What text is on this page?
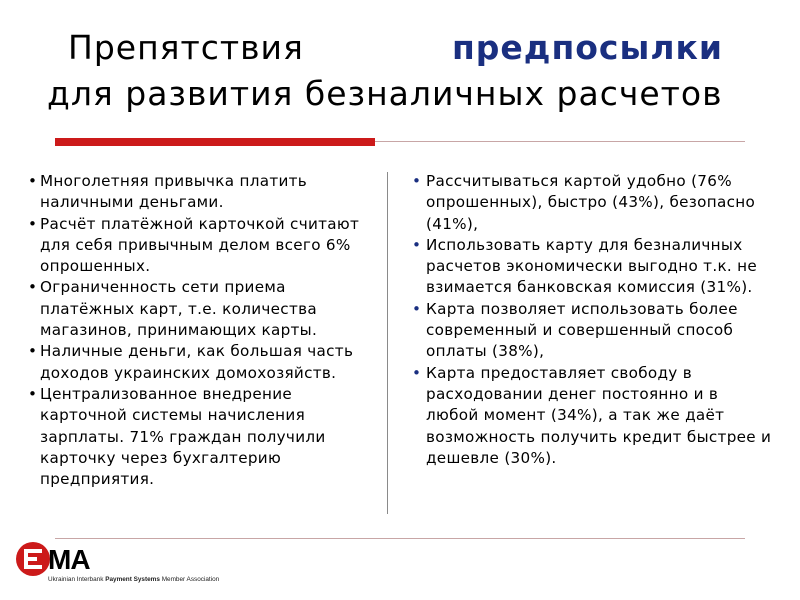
Препятствия	предпосылки
для развития безналичных расчетов

• Многолетняя привычка платить наличными деньгами.

• Расчёт платёжной карточкой считают для себя привычным делом всего 6% опрошенных.

• Ограниченность сети приема платёжных карт, т.е. количества магазинов, принимающих карты.

• Наличные деньги, как большая часть доходов украинских домохозяйств.

• Централизованное внедрение карточной системы начисления зарплаты. 71% граждан получили карточку через бухгалтерию предприятия.

• Рассчитываться картой удобно (76% опрошенных), быстро (43%), безопасно (41%),

• Использовать карту для безналичных расчетов экономически выгодно т.к. не взимается банковская комиссия (31%).

• Карта позволяет использовать более современный и совершенный способ оплаты (38%),

• Карта предоставляет свободу в расходовании денег постоянно и в любой момент (34%), а так же даёт возможность получить кредит быстрее и дешевле (30%).

MA
Ukrainian Interbank Payment Systems Member Association
